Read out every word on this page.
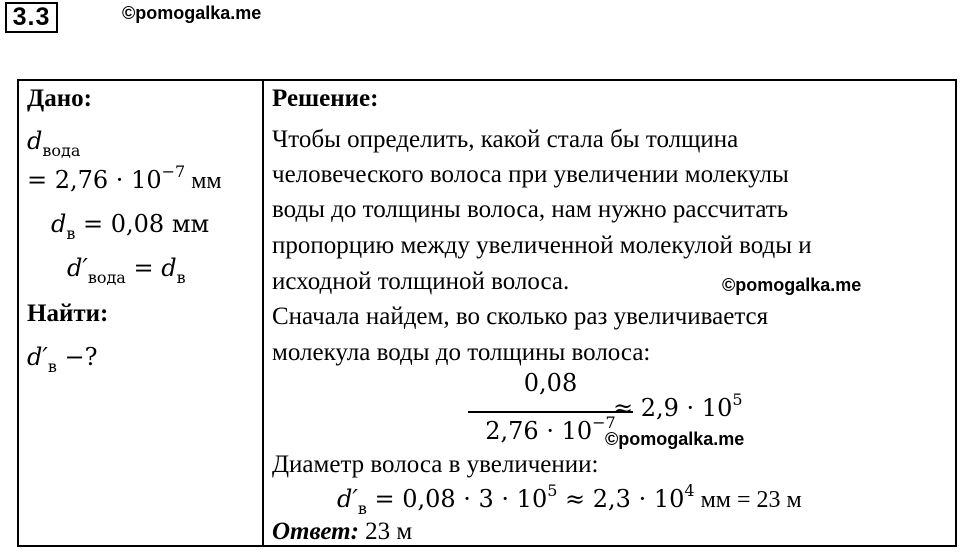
3.3	©pomogalka.me
Дано:
$d_{вода}$
= $2,76 \cdot 10^{-7}$ мм
$d_в = 0,08$ мм
$d'_{вода} = d_в$
Найти:
$d'_в$ −?
Решение:
Чтобы определить, какой стала бы толщина
человеческого волоса при увеличении молекулы
воды до толщины волоса, нам нужно рассчитать
пропорцию между увеличенной молекулой воды и
исходной толщиной волоса.
Сначала найдем, во сколько раз увеличивается
молекула воды до толщины волоса:
0,08
$2,76 \cdot 10^{-7}$
≈ $2,9 \cdot 10^5$
Диаметр волоса в увеличении:
$d'_в = 0,08 \cdot 3 \cdot 10^5 \approx 2,3 \cdot 10^4$ мм = 23 м
Ответ: 23 м
©pomogalka.me
©pomogalka.me
